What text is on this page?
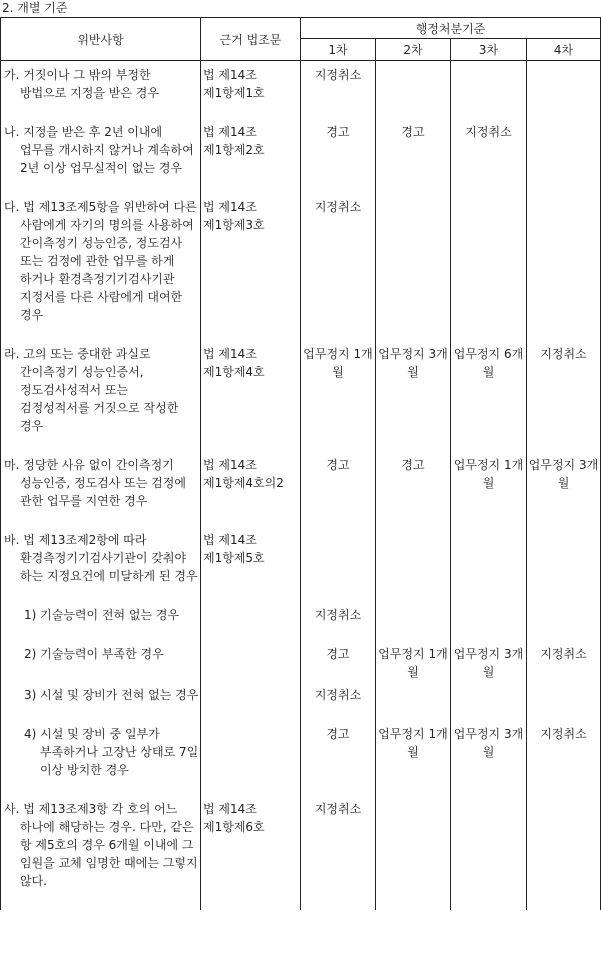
2. 개별 기준
위반사항	근거 법조문	행정처분기준			
		1차	2차	3차	4차

가. 거짓이나 그 밖의 부정한 방법으로 지정을 받은 경우	법 제14조
제1항제1호	지정취소			

나. 지정을 받은 후 2년 이내에 업무를 개시하지 않거나 계속하여 2년 이상 업무실적이 없는 경우	법 제14조
제1항제2호	경고	경고	지정취소	

다. 법 제13조제5항을 위반하여 다른 사람에게 자기의 명의를 사용하여 간이측정기 성능인증, 정도검사 또는 검정에 관한 업무를 하게 하거나 환경측정기기검사기관 지정서를 다른 사람에게 대여한 경우	법 제14조
제1항제3호	지정취소			

라. 고의 또는 중대한 과실로 간이측정기 성능인증서, 정도검사성적서 또는 검정성적서를 거짓으로 작성한 경우	법 제14조
제1항제4호	업무정지 1개월	업무정지 3개월	업무정지 6개월	지정취소

마. 정당한 사유 없이 간이측정기 성능인증, 정도검사 또는 검정에 관한 업무를 지연한 경우	법 제14조
제1항제4호의2	경고	경고	업무정지 1개월	업무정지 3개월

바. 법 제13조제2항에 따라 환경측정기기검사기관이 갖춰야 하는 지정요건에 미달하게 된 경우	법 제14조
제1항제5호				

1) 기술능력이 전혀 없는 경우		지정취소			

2) 기술능력이 부족한 경우		경고	업무정지 1개월	업무정지 3개월	지정취소

3) 시설 및 장비가 전혀 없는 경우		지정취소			

4) 시설 및 장비 중 일부가 부족하거나 고장난 상태로 7일 이상 방치한 경우		경고	업무정지 1개월	업무정지 3개월	지정취소

사. 법 제13조제3항 각 호의 어느 하나에 해당하는 경우. 다만, 같은 항 제5호의 경우 6개월 이내에 그 임원을 교체 임명한 때에는 그렇지 않다.	법 제14조
제1항제6호	지정취소			
